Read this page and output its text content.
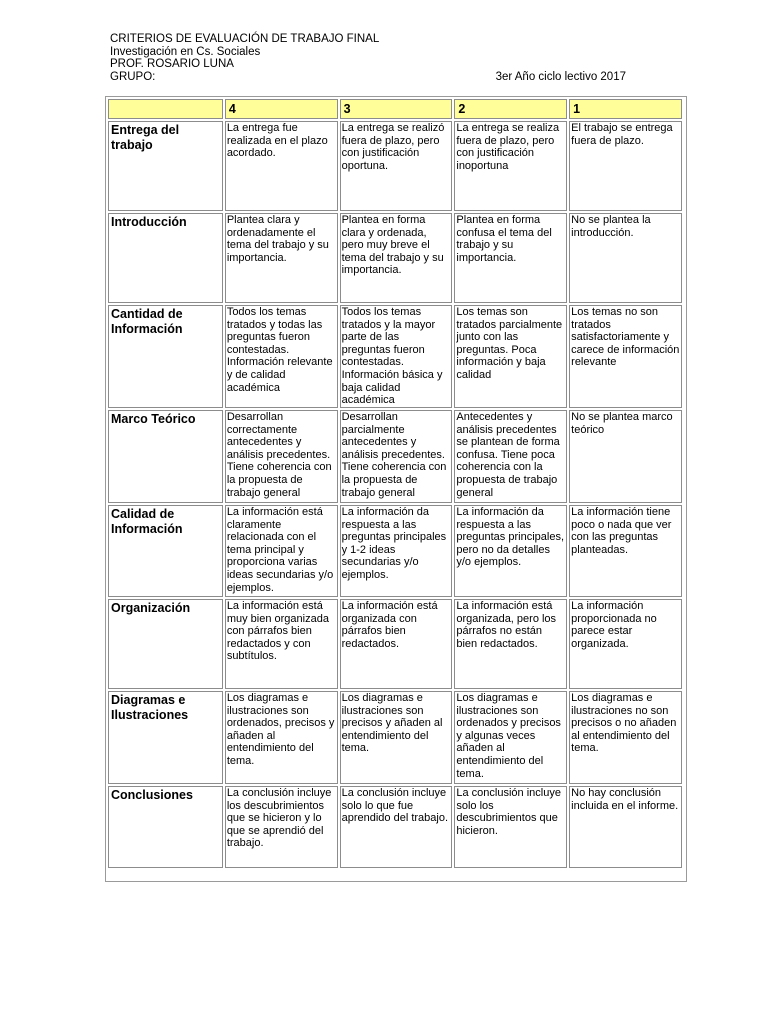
CRITERIOS DE EVALUACIÓN DE TRABAJO FINAL
Investigación en Cs. Sociales
PROF. ROSARIO LUNA
GRUPO:	3er Año ciclo lectivo 2017
	4	3	2	1
Entrega del trabajo	La entrega fue realizada en el plazo acordado.	La entrega se realizó fuera de plazo, pero con justificación oportuna.	La entrega se realiza fuera de plazo, pero con justificación inoportuna	El trabajo se entrega fuera de plazo.
Introducción	Plantea clara y ordenadamente el tema del trabajo y su importancia.	Plantea en forma clara y ordenada, pero muy breve el tema del trabajo y su importancia.	Plantea en forma confusa el tema del trabajo y su importancia.	No se plantea la introducción.
Cantidad de Información	Todos los temas tratados y todas las preguntas fueron contestadas. Información relevante y de calidad académica	Todos los temas tratados y la mayor parte de las preguntas fueron contestadas. Información básica y baja calidad académica	Los temas son tratados parcialmente junto con las preguntas. Poca información y baja calidad	Los temas no son tratados satisfactoriamente y carece de información relevante
Marco Teórico	Desarrollan correctamente antecedentes y análisis precedentes. Tiene coherencia con la propuesta de trabajo general	Desarrollan parcialmente antecedentes y análisis precedentes. Tiene coherencia con la propuesta de trabajo general	Antecedentes y análisis precedentes se plantean de forma confusa. Tiene poca coherencia con la propuesta de trabajo general	No se plantea marco teórico
Calidad de Información	La información está claramente relacionada con el tema principal y proporciona varias ideas secundarias y/o ejemplos.	La información da respuesta a las preguntas principales y 1-2 ideas secundarias y/o ejemplos.	La información da respuesta a las preguntas principales, pero no da detalles y/o ejemplos.	La información tiene poco o nada que ver con las preguntas planteadas.
Organización	La información está muy bien organizada con párrafos bien redactados y con subtítulos.	La información está organizada con párrafos bien redactados.	La información está organizada, pero los párrafos no están bien redactados.	La información proporcionada no parece estar organizada.
Diagramas e Ilustraciones	Los diagramas e ilustraciones son ordenados, precisos y añaden al entendimiento del tema.	Los diagramas e ilustraciones son precisos y añaden al entendimiento del tema.	Los diagramas e ilustraciones son ordenados y precisos y algunas veces añaden al entendimiento del tema.	Los diagramas e ilustraciones no son precisos o no añaden al entendimiento del tema.
Conclusiones	La conclusión incluye los descubrimientos que se hicieron y lo que se aprendió del trabajo.	La conclusión incluye solo lo que fue aprendido del trabajo.	La conclusión incluye solo los descubrimientos que hicieron.	No hay conclusión incluida en el informe.
